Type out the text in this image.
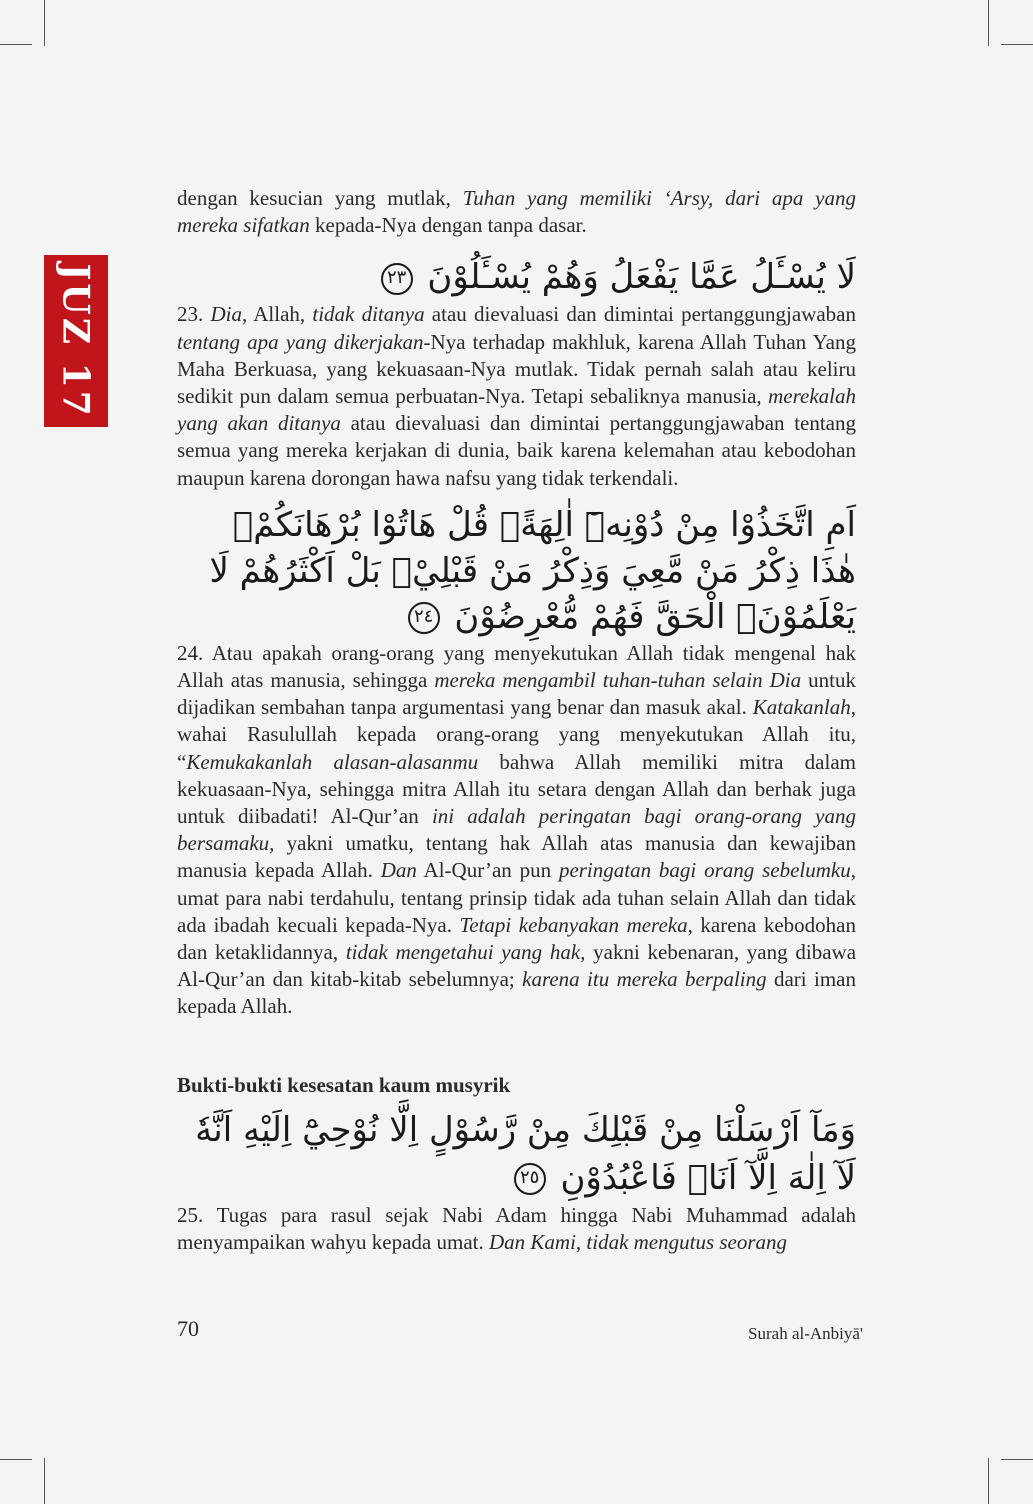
JUZ 17

dengan kesucian yang mutlak, Tuhan yang memiliki ‘Arsy, dari apa yang mereka sifatkan kepada-Nya dengan tanpa dasar.

لَا يُسْـَٔلُ عَمَّا يَفْعَلُ وَهُمْ يُسْـَٔلُوْنَ ٢٣

23. Dia, Allah, tidak ditanya atau dievaluasi dan dimintai pertanggungjawaban tentang apa yang dikerjakan-Nya terhadap makhluk, karena Allah Tuhan Yang Maha Berkuasa, yang kekuasaan-Nya mutlak. Tidak pernah salah atau keliru sedikit pun dalam semua perbuatan-Nya. Tetapi sebaliknya manusia, merekalah yang akan ditanya atau dievaluasi dan dimintai pertanggungjawaban tentang semua yang mereka kerjakan di dunia, baik karena kelemahan atau kebodohan maupun karena dorongan hawa nafsu yang tidak terkendali.

اَمِ اتَّخَذُوْا مِنْ دُوْنِهٖٓ اٰلِهَةًۗ قُلْ هَاتُوْا بُرْهَانَكُمْۚ هٰذَا ذِكْرُ مَنْ مَّعِيَ وَذِكْرُ مَنْ قَبْلِيْۗ بَلْ اَكْثَرُهُمْ لَا يَعْلَمُوْنَۙ الْحَقَّ فَهُمْ مُّعْرِضُوْنَ ٢٤

24. Atau apakah orang-orang yang menyekutukan Allah tidak mengenal hak Allah atas manusia, sehingga mereka mengambil tuhan-tuhan selain Dia untuk dijadikan sembahan tanpa argumentasi yang benar dan masuk akal. Katakanlah, wahai Rasulullah kepada orang-orang yang menyekutukan Allah itu, “Kemukakanlah alasan-alasanmu bahwa Allah memiliki mitra dalam kekuasaan-Nya, sehingga mitra Allah itu setara dengan Allah dan berhak juga untuk diibadati! Al-Qur’an ini adalah peringatan bagi orang-orang yang bersamaku, yakni umatku, tentang hak Allah atas manusia dan kewajiban manusia kepada Allah. Dan Al-Qur’an pun peringatan bagi orang sebelumku, umat para nabi terdahulu, tentang prinsip tidak ada tuhan selain Allah dan tidak ada ibadah kecuali kepada-Nya. Tetapi kebanyakan mereka, karena kebodohan dan ketaklidannya, tidak mengetahui yang hak, yakni kebenaran, yang dibawa Al-Qur’an dan kitab-kitab sebelumnya; karena itu mereka berpaling dari iman kepada Allah.

Bukti-bukti kesesatan kaum musyrik

وَمَآ اَرْسَلْنَا مِنْ قَبْلِكَ مِنْ رَّسُوْلٍ اِلَّا نُوْحِيْٓ اِلَيْهِ اَنَّهٗ لَآ اِلٰهَ اِلَّآ اَنَا۠ فَاعْبُدُوْنِ ٢٥

25. Tugas para rasul sejak Nabi Adam hingga Nabi Muhammad adalah menyampaikan wahyu kepada umat. Dan Kami, tidak mengutus seorang

70	Surah al-Anbiyā'
